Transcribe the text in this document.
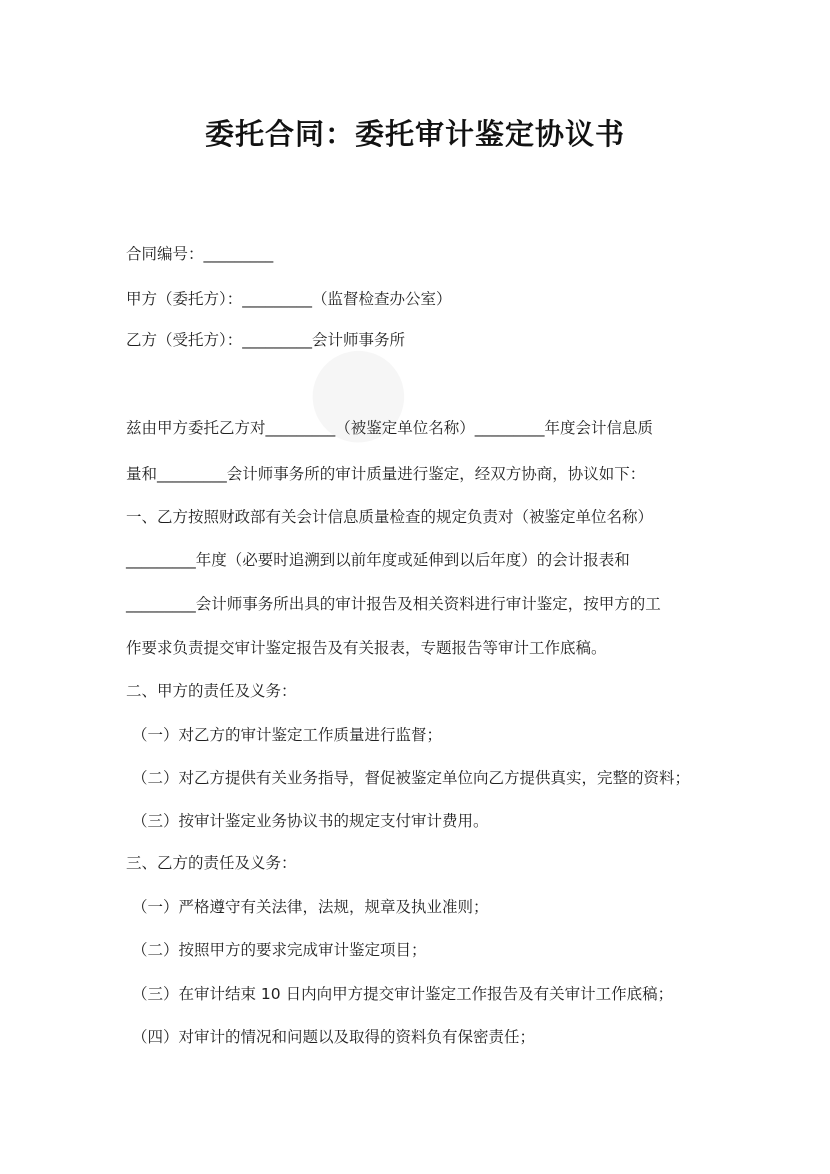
委托合同：委托审计鉴定协议书
合同编号：_________
甲方（委托方）：_________（监督检查办公室）
乙方（受托方）：_________会计师事务所
兹由甲方委托乙方对_________（被鉴定单位名称）_________年度会计信息质
量和_________会计师事务所的审计质量进行鉴定，经双方协商，协议如下：
一、乙方按照财政部有关会计信息质量检查的规定负责对（被鉴定单位名称）
_________年度（必要时追溯到以前年度或延伸到以后年度）的会计报表和
_________会计师事务所出具的审计报告及相关资料进行审计鉴定，按甲方的工
作要求负责提交审计鉴定报告及有关报表，专题报告等审计工作底稿。
二、甲方的责任及义务：
（一）对乙方的审计鉴定工作质量进行监督；
（二）对乙方提供有关业务指导，督促被鉴定单位向乙方提供真实，完整的资料；
（三）按审计鉴定业务协议书的规定支付审计费用。
三、乙方的责任及义务：
（一）严格遵守有关法律，法规，规章及执业准则；
（二）按照甲方的要求完成审计鉴定项目；
（三）在审计结束 10 日内向甲方提交审计鉴定工作报告及有关审计工作底稿；
（四）对审计的情况和问题以及取得的资料负有保密责任；
